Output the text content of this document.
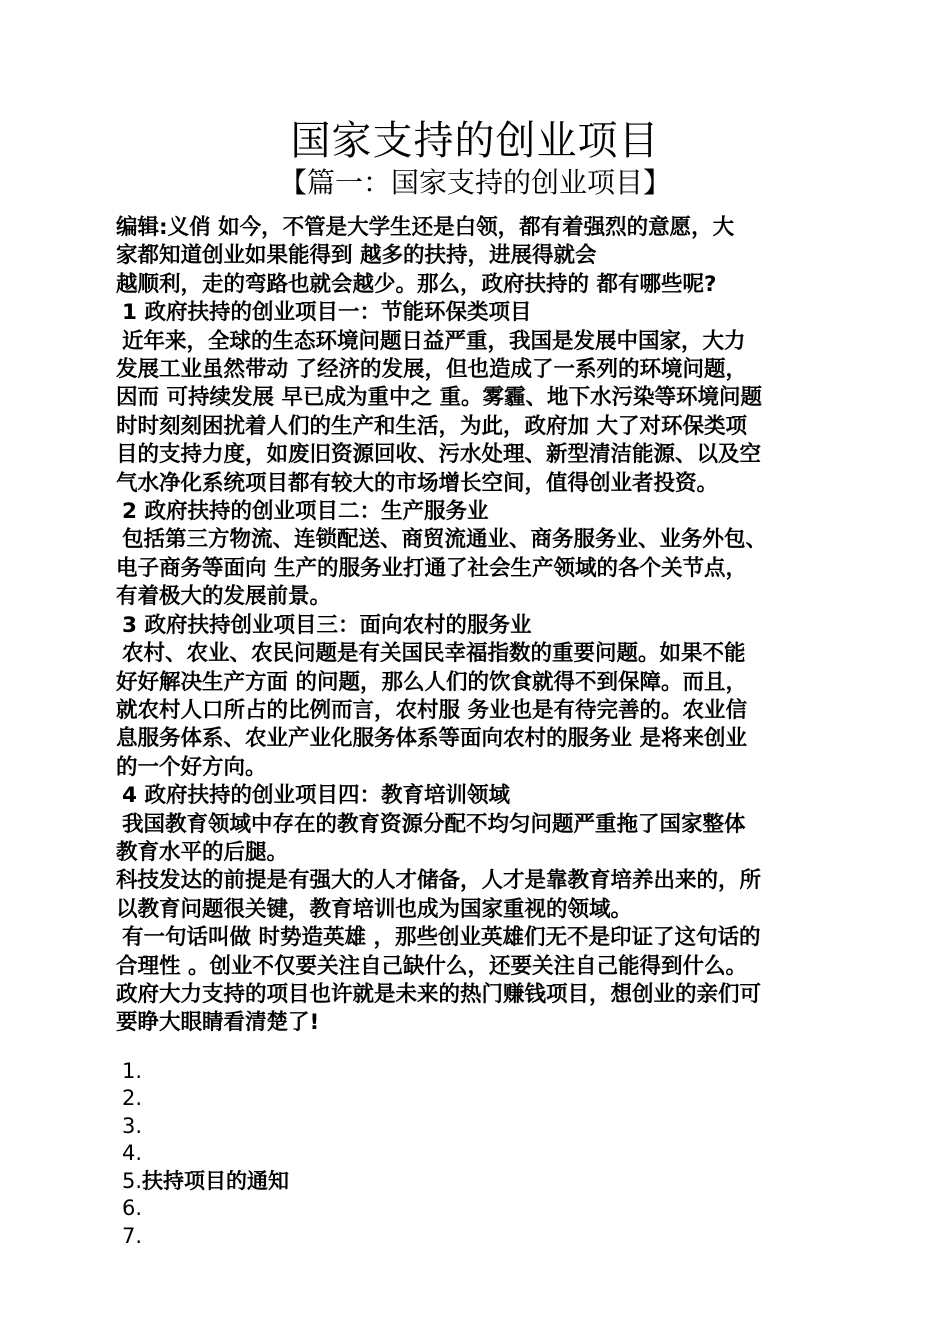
国家支持的创业项目
【篇一：国家支持的创业项目】

编辑:义俏 如今，不管是大学生还是白领，都有着强烈的意愿，大

家都知道创业如果能得到 越多的扶持，进展得就会

越顺利，走的弯路也就会越少。那么，政府扶持的 都有哪些呢?

1 政府扶持的创业项目一：节能环保类项目

近年来，全球的生态环境问题日益严重，我国是发展中国家，大力

发展工业虽然带动 了经济的发展，但也造成了一系列的环境问题，

因而 可持续发展 早已成为重中之 重。雾霾、地下水污染等环境问题

时时刻刻困扰着人们的生产和生活，为此，政府加 大了对环保类项

目的支持力度，如废旧资源回收、污水处理、新型清洁能源、以及空

气水净化系统项目都有较大的市场增长空间，值得创业者投资。

2 政府扶持的创业项目二：生产服务业

包括第三方物流、连锁配送、商贸流通业、商务服务业、业务外包、

电子商务等面向 生产的服务业打通了社会生产领域的各个关节点，

有着极大的发展前景。

3 政府扶持创业项目三：面向农村的服务业

农村、农业、农民问题是有关国民幸福指数的重要问题。如果不能

好好解决生产方面 的问题，那么人们的饮食就得不到保障。而且，

就农村人口所占的比例而言，农村服 务业也是有待完善的。农业信

息服务体系、农业产业化服务体系等面向农村的服务业 是将来创业

的一个好方向。

4 政府扶持的创业项目四：教育培训领域

我国教育领域中存在的教育资源分配不均匀问题严重拖了国家整体

教育水平的后腿。

科技发达的前提是有强大的人才储备，人才是靠教育培养出来的，所

以教育问题很关键，教育培训也成为国家重视的领域。

有一句话叫做 时势造英雄 ，那些创业英雄们无不是印证了这句话的

合理性 。创业不仅要关注自己缺什么，还要关注自己能得到什么。

政府大力支持的项目也许就是未来的热门赚钱项目，想创业的亲们可

要睁大眼睛看清楚了!

1.

2.

3.

4.

5.扶持项目的通知

6.

7.
